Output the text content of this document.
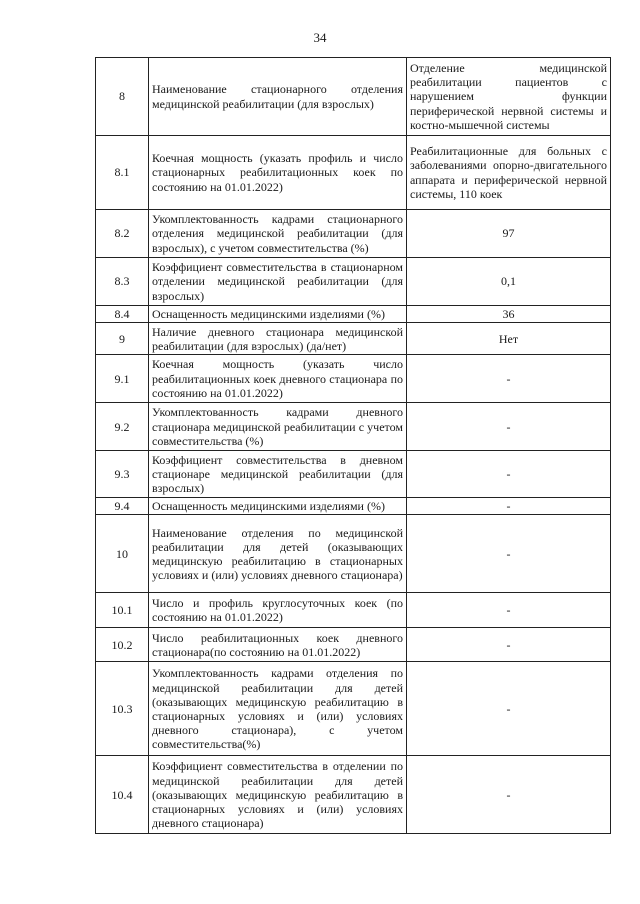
34
8	Наименование стационарного отделения медицинской реабилитации (для взрослых)	Отделение медицинской реабилитации пациентов с нарушением функции периферической нервной системы и костно-мышечной системы
8.1	Коечная мощность (указать профиль и число стационарных реабилитационных коек по состоянию на 01.01.2022)	Реабилитационные для больных с заболеваниями опорно-двигательного аппарата и периферической нервной системы, 110 коек
8.2	Укомплектованность кадрами стационарного отделения медицинской реабилитации (для взрослых), с учетом совместительства (%)	97
8.3	Коэффициент совместительства в стационарном отделении медицинской реабилитации (для взрослых)	0,1
8.4	Оснащенность медицинскими изделиями (%)	36
9	Наличие дневного стационара медицинской реабилитации (для взрослых) (да/нет)	Нет
9.1	Коечная мощность (указать число реабилитационных коек дневного стационара по состоянию на 01.01.2022)	-
9.2	Укомплектованность кадрами дневного стационара медицинской реабилитации с учетом совместительства (%)	-
9.3	Коэффициент совместительства в дневном стационаре медицинской реабилитации (для взрослых)	-
9.4	Оснащенность медицинскими изделиями (%)	-
10	Наименование отделения по медицинской реабилитации для детей (оказывающих медицинскую реабилитацию в стационарных условиях и (или) условиях дневного стационара)	-
10.1	Число и профиль круглосуточных коек (по состоянию на 01.01.2022)	-
10.2	Число реабилитационных коек дневного стационара(по состоянию на 01.01.2022)	-
10.3	Укомплектованность кадрами отделения по медицинской реабилитации для детей (оказывающих медицинскую реабилитацию в стационарных условиях и (или) условиях дневного стационара), с учетом совместительства(%)	-
10.4	Коэффициент совместительства в отделении по медицинской реабилитации для детей (оказывающих медицинскую реабилитацию в стационарных условиях и (или) условиях дневного стационара)	-
